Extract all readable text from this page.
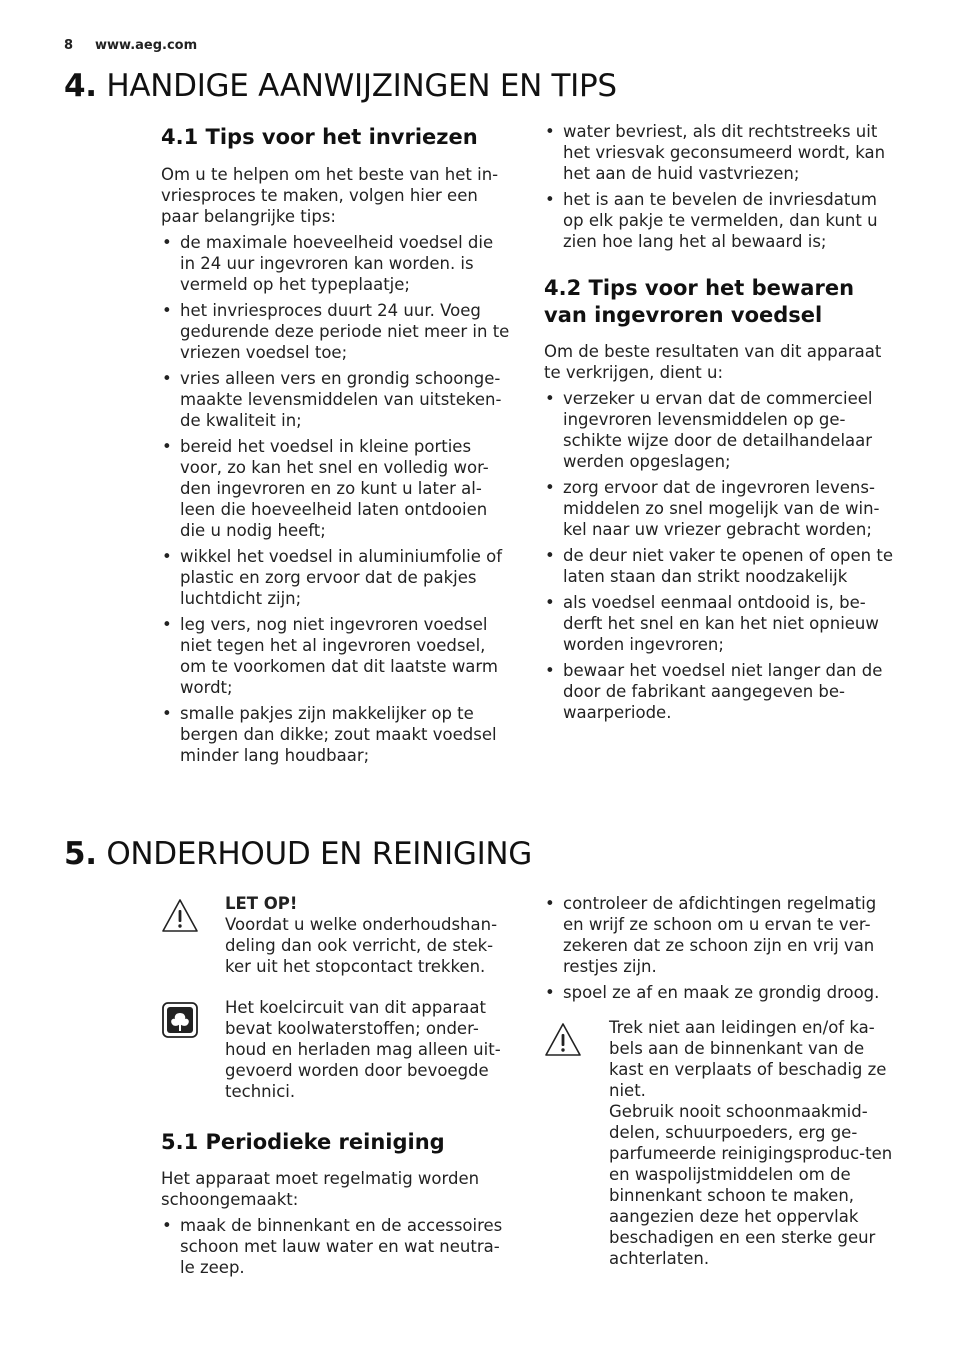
8 www.aeg.com
4. HANDIGE AANWIJZINGEN EN TIPS
4.1 Tips voor het invriezen

Om u te helpen om het beste van het in-vriesproces te maken, volgen hier een paar belangrijke tips:

• de maximale hoeveelheid voedsel die in 24 uur ingevroren kan worden. is vermeld op het typeplaatje;
• het invriesproces duurt 24 uur. Voeg gedurende deze periode niet meer in te vriezen voedsel toe;
• vries alleen vers en grondig schoonge-maakte levensmiddelen van uitsteken-de kwaliteit in;
• bereid het voedsel in kleine porties voor, zo kan het snel en volledig wor-den ingevroren en zo kunt u later al-leen die hoeveelheid laten ontdooien die u nodig heeft;
• wikkel het voedsel in aluminiumfolie of plastic en zorg ervoor dat de pakjes luchtdicht zijn;
• leg vers, nog niet ingevroren voedsel niet tegen het al ingevroren voedsel, om te voorkomen dat dit laatste warm wordt;
• smalle pakjes zijn makkelijker op te bergen dan dikke; zout maakt voedsel minder lang houdbaar;
• water bevriest, als dit rechtstreeks uit het vriesvak geconsumeerd wordt, kan het aan de huid vastvriezen;
• het is aan te bevelen de invriesdatum op elk pakje te vermelden, dan kunt u zien hoe lang het al bewaard is;
4.2 Tips voor het bewaren van ingevroren voedsel

Om de beste resultaten van dit apparaat te verkrijgen, dient u:

• verzeker u ervan dat de commercieel ingevroren levensmiddelen op ge-schikte wijze door de detailhandelaar werden opgeslagen;
• zorg ervoor dat de ingevroren levens-middelen zo snel mogelijk van de win-kel naar uw vriezer gebracht worden;
• de deur niet vaker te openen of open te laten staan dan strikt noodzakelijk
• als voedsel eenmaal ontdooid is, be-derft het snel en kan het niet opnieuw worden ingevroren;
• bewaar het voedsel niet langer dan de door de fabrikant aangegeven be-waarperiode.
5. ONDERHOUD EN REINIGING
LET OP!
Voordat u welke onderhoudshan-deling dan ook verricht, de stek-ker uit het stopcontact trekken.
Het koelcircuit van dit apparaat bevat koolwaterstoffen; onder-houd en herladen mag alleen uit-gevoerd worden door bevoegde technici.
5.1 Periodieke reiniging

Het apparaat moet regelmatig worden schoongemaakt:

• maak de binnenkant en de accessoires schoon met lauw water en wat neutra-le zeep.
• controleer de afdichtingen regelmatig en wrijf ze schoon om u ervan te ver-zekeren dat ze schoon zijn en vrij van restjes zijn.
• spoel ze af en maak ze grondig droog.
Trek niet aan leidingen en/of ka-bels aan de binnenkant van de kast en verplaats of beschadig ze niet.
Gebruik nooit schoonmaakmid-delen, schuurpoeders, erg ge-parfumeerde reinigingsproduc-ten en waspolijstmiddelen om de binnenkant schoon te maken, aangezien deze het oppervlak beschadigen en een sterke geur achterlaten.
